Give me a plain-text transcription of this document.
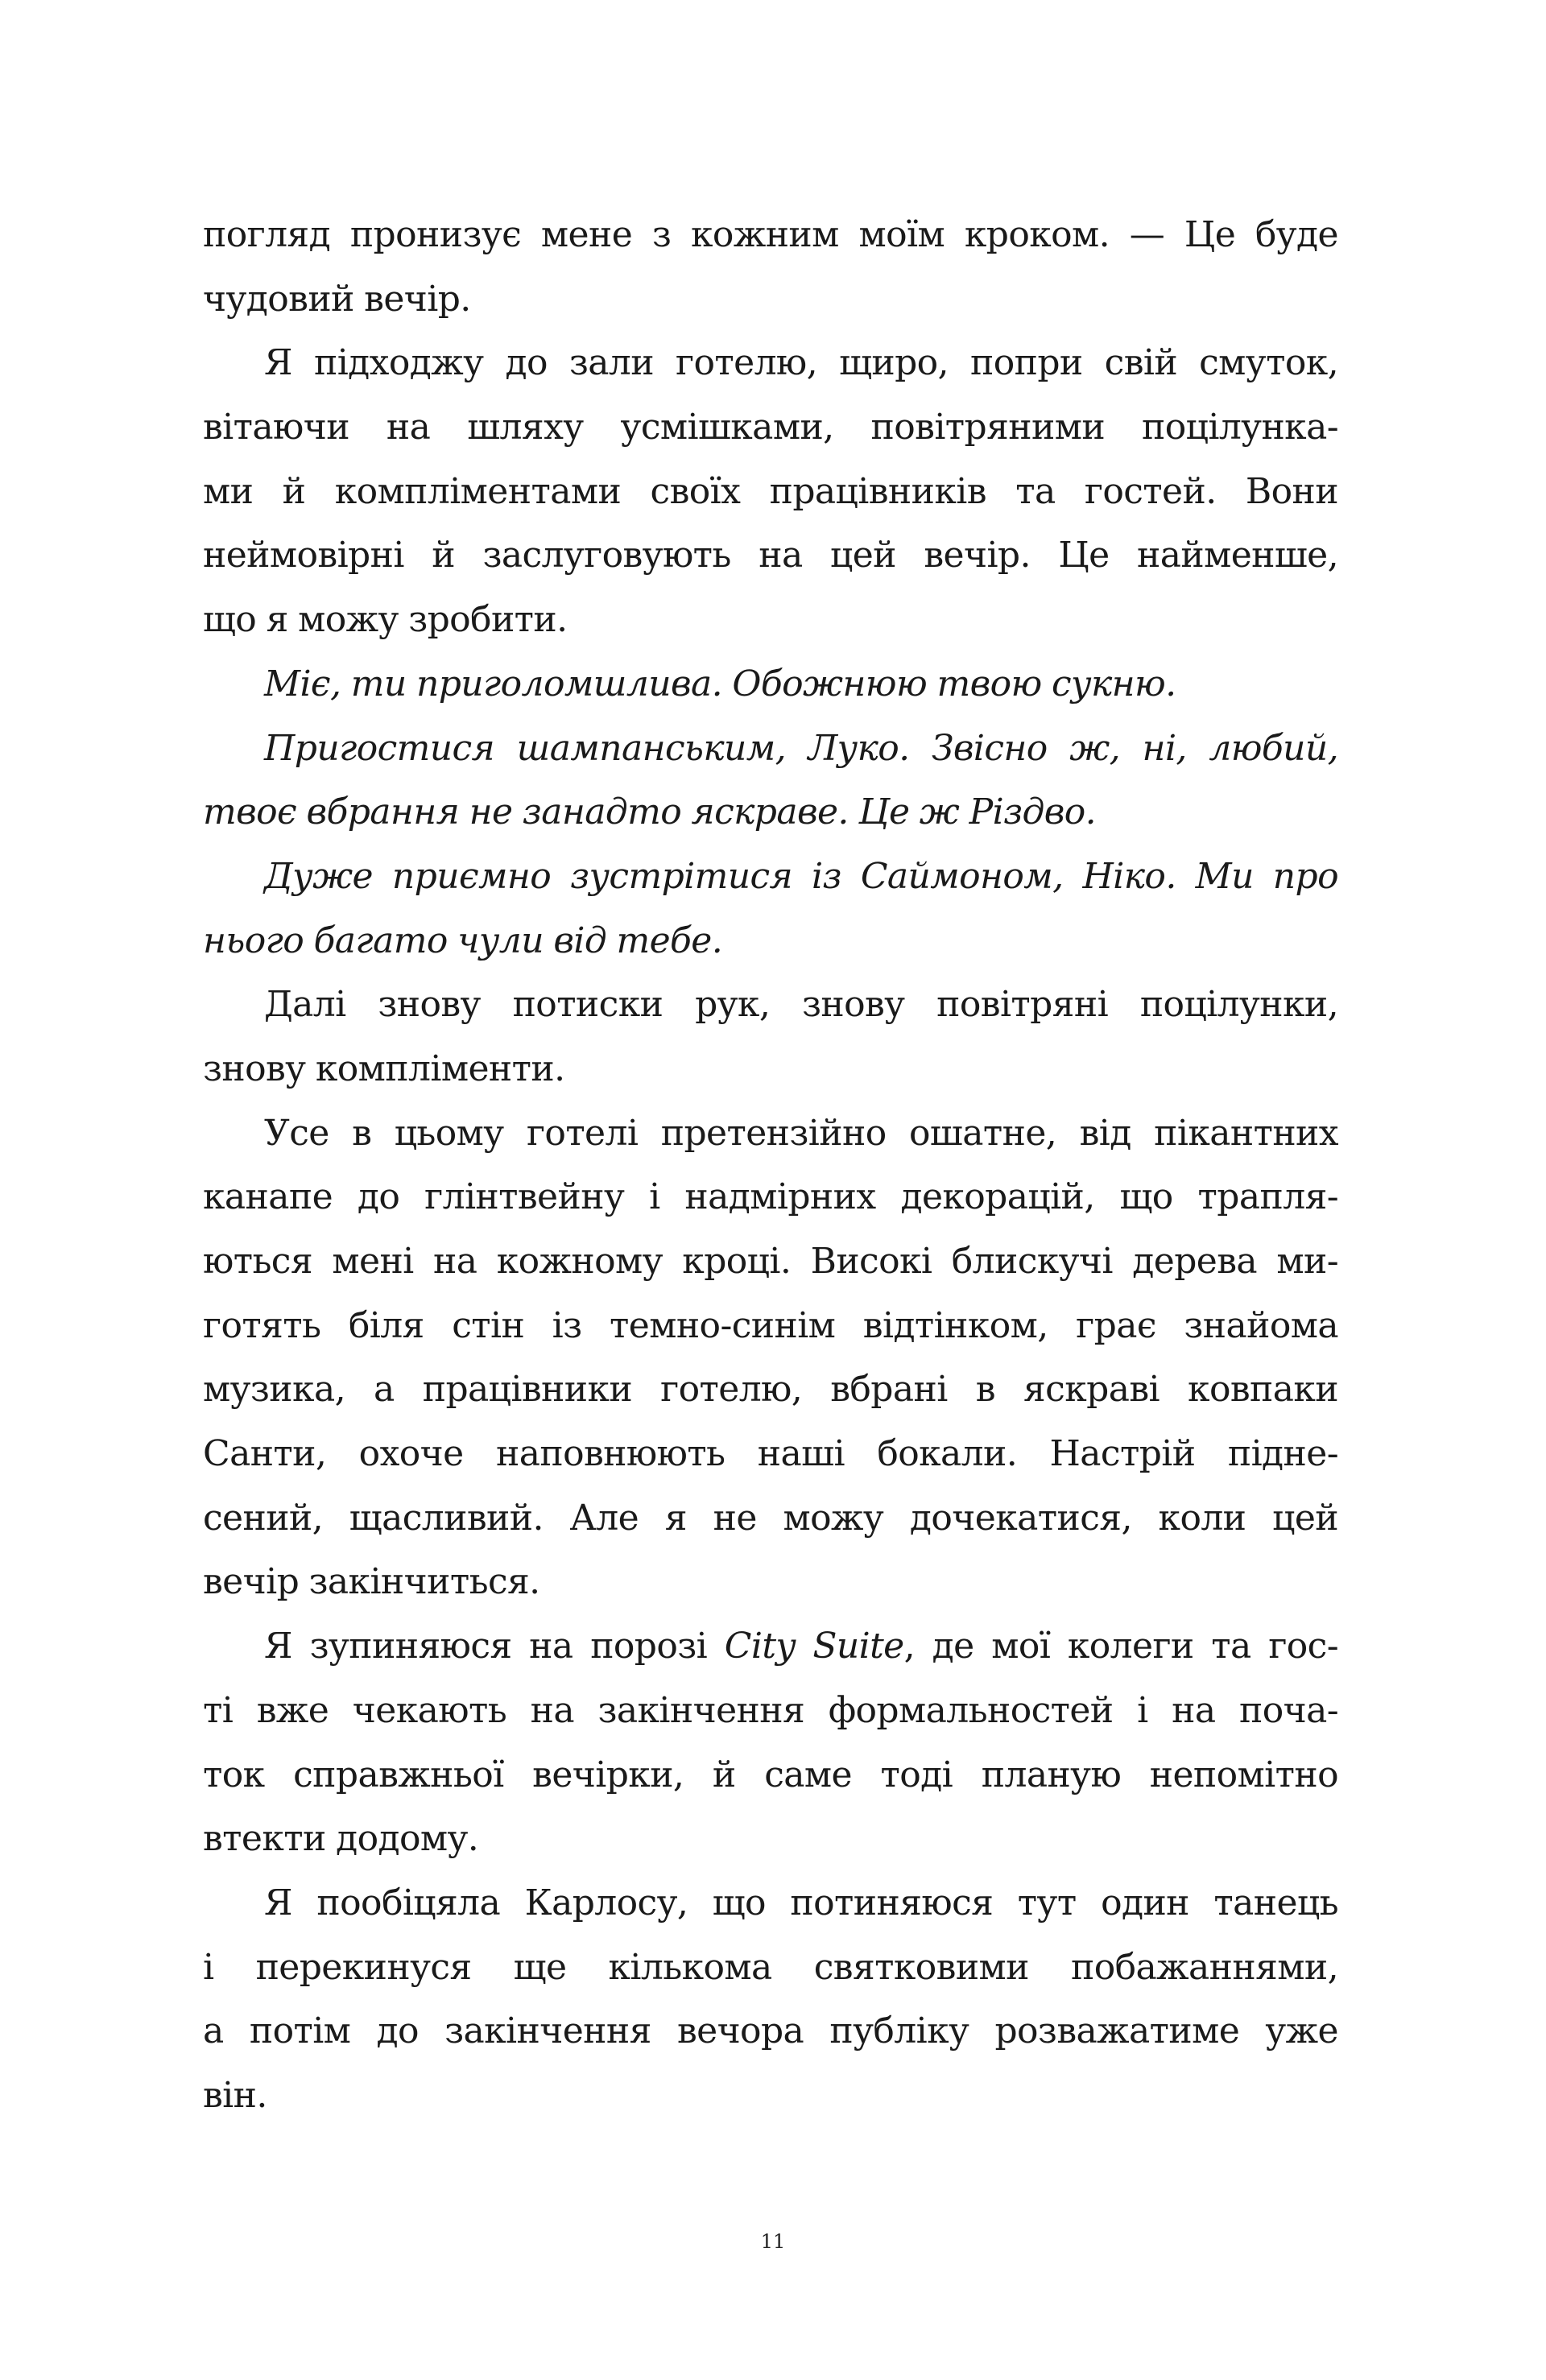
погляд пронизує мене з кожним моїм кроком. — Це буде
чудовий вечір.
Я підходжу до зали готелю, щиро, попри свій смуток,
вітаючи на шляху усмішками, повітряними поцілунка-
ми й компліментами своїх працівників та гостей. Вони
неймовірні й заслуговують на цей вечір. Це найменше,
що я можу зробити.
Міє, ти приголомшлива. Обожнюю твою сукню.
Пригостися шампанським, Луко. Звісно ж, ні, любий,
твоє вбрання не занадто яскраве. Це ж Різдво.
Дуже приємно зустрітися із Саймоном, Ніко. Ми про
нього багато чули від тебе.
Далі знову потиски рук, знову повітряні поцілунки,
знову компліменти.
Усе в цьому готелі претензійно ошатне, від пікантних
канапе до глінтвейну і надмірних декорацій, що трапля-
ються мені на кожному кроці. Високі блискучі дерева ми-
готять біля стін із темно-синім відтінком, грає знайома
музика, а працівники готелю, вбрані в яскраві ковпаки
Санти, охоче наповнюють наші бокали. Настрій підне-
сений, щасливий. Але я не можу дочекатися, коли цей
вечір закінчиться.
Я зупиняюся на порозі City Suite, де мої колеги та гос-
ті вже чекають на закінчення формальностей і на поча-
ток справжньої вечірки, й саме тоді планую непомітно
втекти додому.
Я пообіцяла Карлосу, що потиняюся тут один танець
і перекинуся ще кількома святковими побажаннями,
а потім до закінчення вечора публіку розважатиме уже
він.
11
